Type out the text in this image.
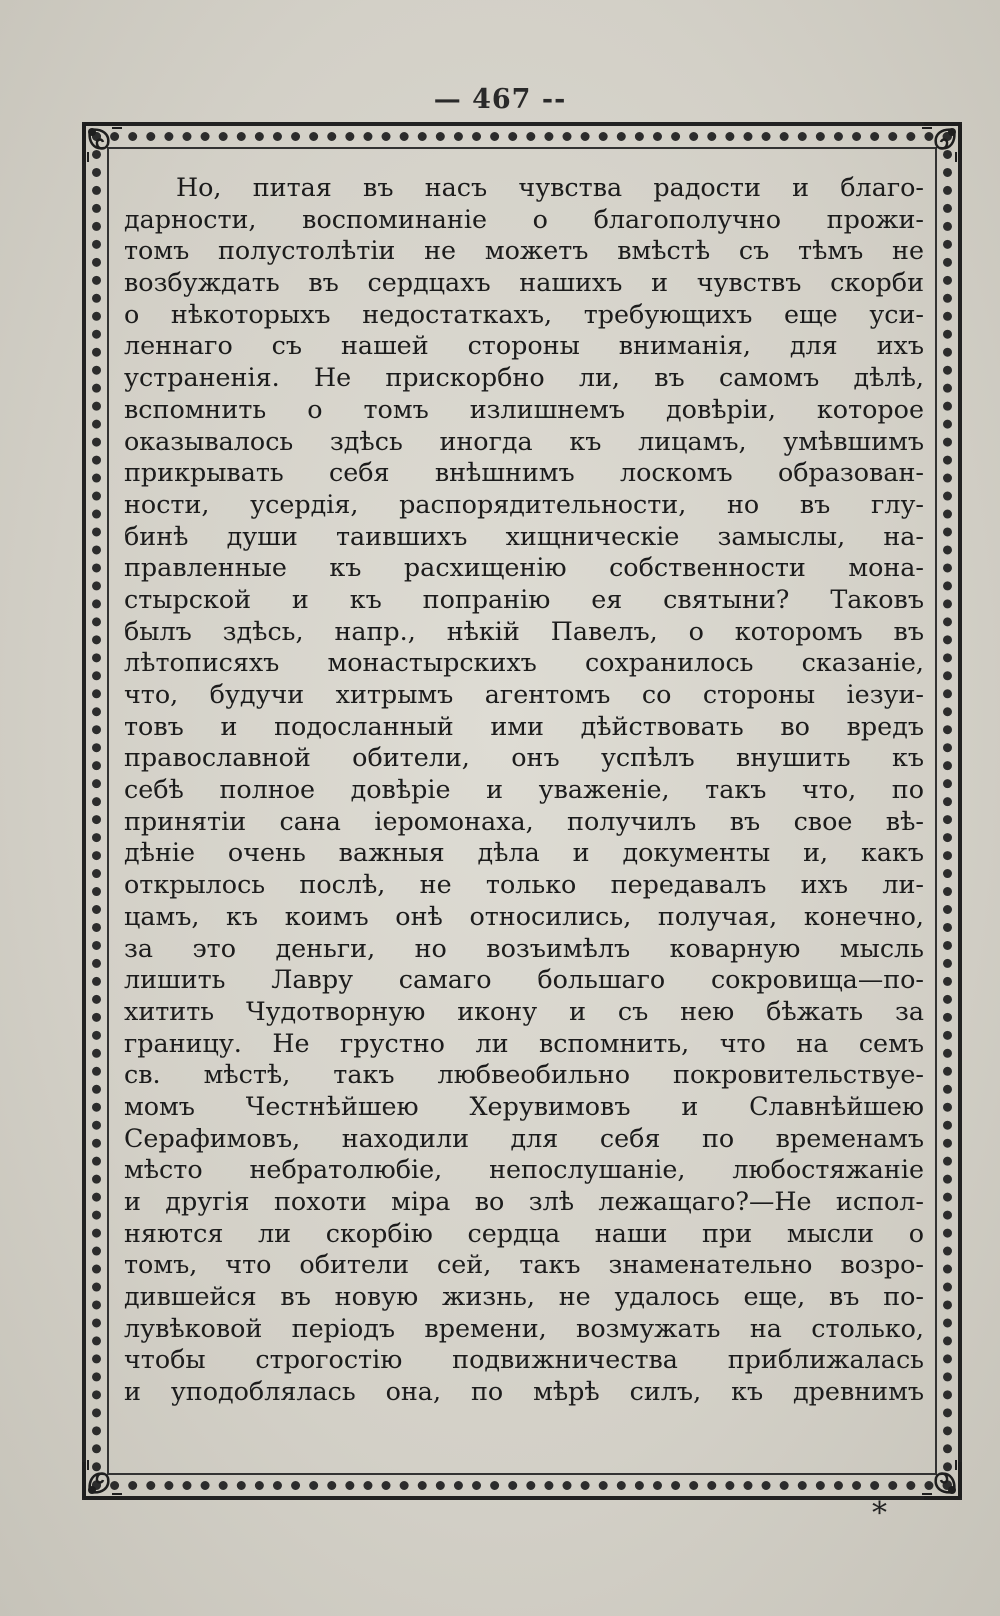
— 467 --
Но, питая въ насъ чувства радости и благо-
дарности, воспоминаніе о благополучно прожи-
томъ полустолѣтіи не можетъ вмѣстѣ съ тѣмъ не
возбуждать въ сердцахъ нашихъ и чувствъ скорби
о нѣкоторыхъ недостаткахъ, требующихъ еще уси-
леннаго съ нашей стороны вниманія, для ихъ
устраненія. Не прискорбно ли, въ самомъ дѣлѣ,
вспомнить о томъ излишнемъ довѣріи, которое
оказывалось здѣсь иногда къ лицамъ, умѣвшимъ
прикрывать себя внѣшнимъ лоскомъ образован-
ности, усердія, распорядительности, но въ глу-
бинѣ души таившихъ хищническіе замыслы, на-
правленные къ расхищенію собственности мона-
стырской и къ попранію ея святыни? Таковъ
былъ здѣсь, напр., нѣкій Павелъ, о которомъ въ
лѣтописяхъ монастырскихъ сохранилось сказаніе,
что, будучи хитрымъ агентомъ со стороны іезуи-
товъ и подосланный ими дѣйствовать во вредъ
православной обители, онъ успѣлъ внушить къ
себѣ полное довѣріе и уваженіе, такъ что, по
принятіи сана іеромонаха, получилъ въ свое вѣ-
дѣніе очень важныя дѣла и документы и, какъ
открылось послѣ, не только передавалъ ихъ ли-
цамъ, къ коимъ онѣ относились, получая, конечно,
за это деньги, но возъимѣлъ коварную мысль
лишить Лавру самаго большаго сокровища—по-
хитить Чудотворную икону и съ нею бѣжать за
границу. Не грустно ли вспомнить, что на семъ
св. мѣстѣ, такъ любвеобильно покровительствуе-
момъ Честнѣйшею Херувимовъ и Славнѣйшею
Серафимовъ, находили для себя по временамъ
мѣсто небратолюбіе, непослушаніе, любостяжаніе
и другія похоти міра во злѣ лежащаго?—Не испол-
няются ли скорбію сердца наши при мысли о
томъ, что обители сей, такъ знаменательно возро-
дившейся въ новую жизнь, не удалось еще, въ по-
лувѣковой періодъ времени, возмужать на столько,
чтобы строгостію подвижничества приближалась
и уподоблялась она, по мѣрѣ силъ, къ древнимъ
*
